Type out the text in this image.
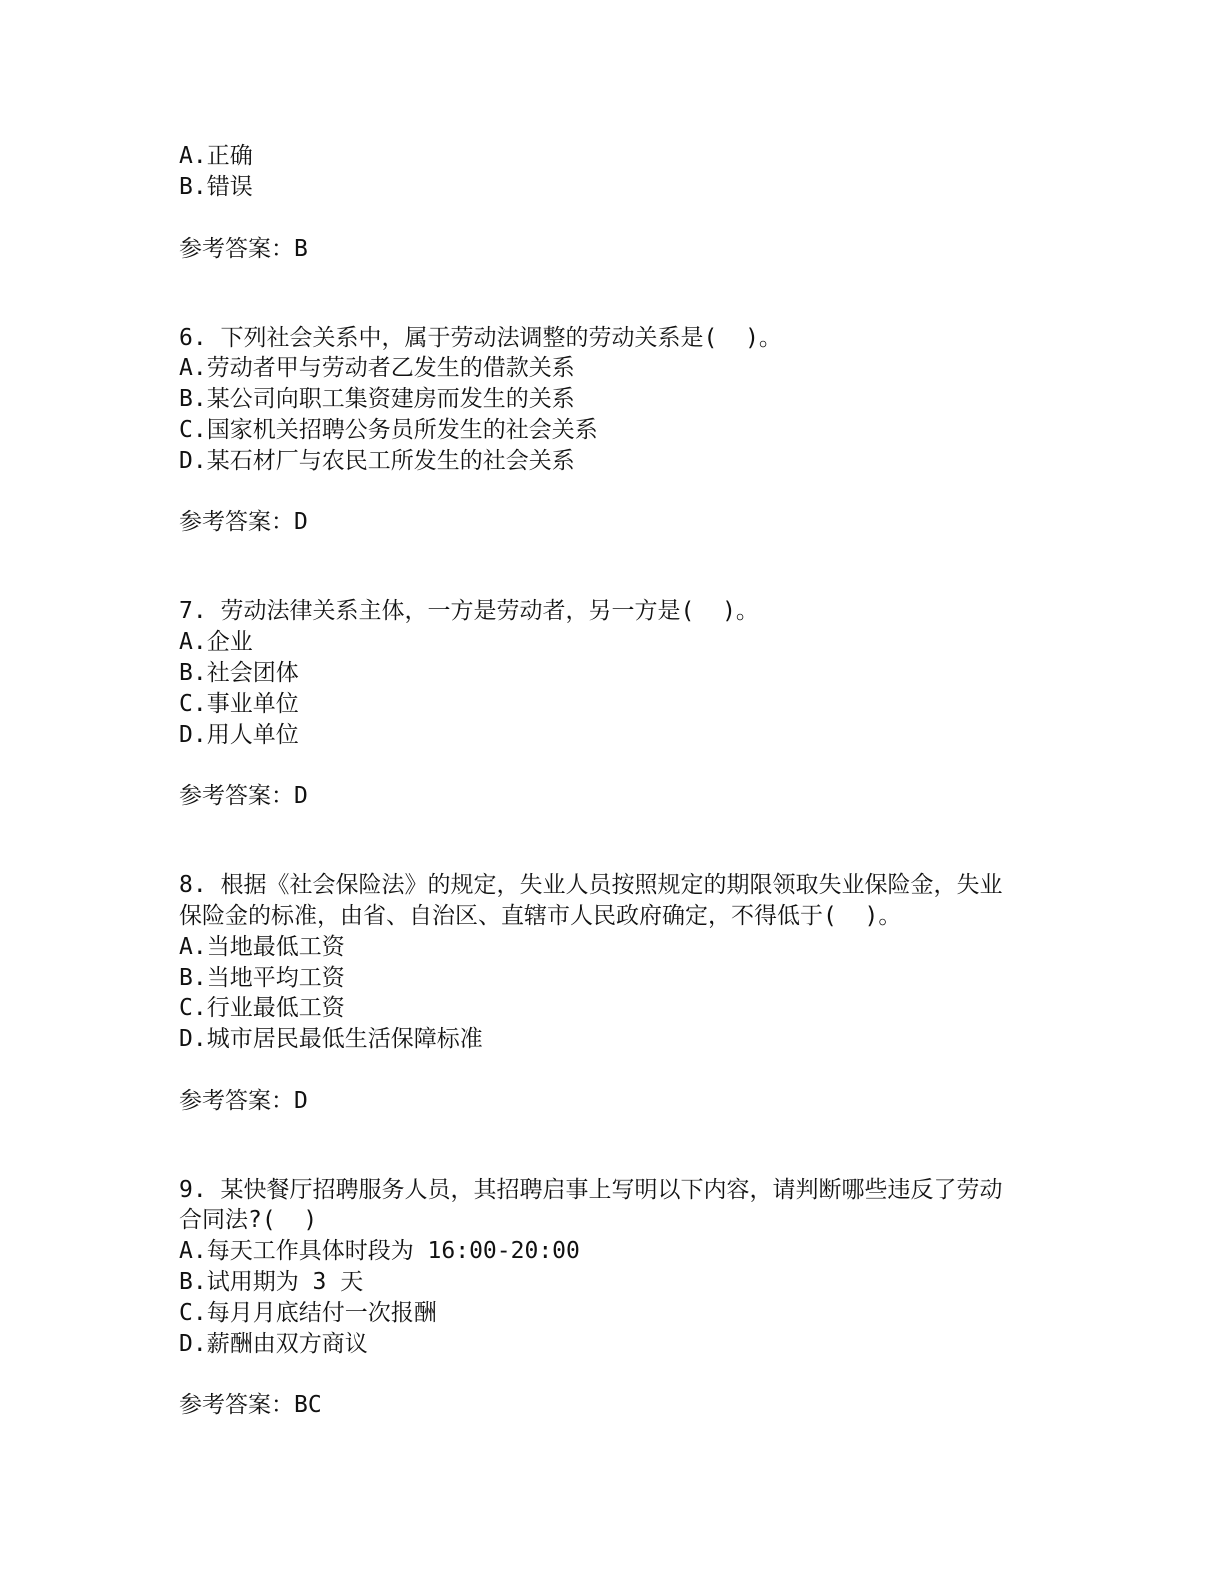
A.正确
B.错误
参考答案：B
6. 下列社会关系中，属于劳动法调整的劳动关系是(  )。
A.劳动者甲与劳动者乙发生的借款关系
B.某公司向职工集资建房而发生的关系
C.国家机关招聘公务员所发生的社会关系
D.某石材厂与农民工所发生的社会关系
参考答案：D
7. 劳动法律关系主体，一方是劳动者，另一方是(  )。
A.企业
B.社会团体
C.事业单位
D.用人单位
参考答案：D
8. 根据《社会保险法》的规定，失业人员按照规定的期限领取失业保险金，失业
保险金的标准，由省、自治区、直辖市人民政府确定，不得低于(  )。
A.当地最低工资
B.当地平均工资
C.行业最低工资
D.城市居民最低生活保障标准
参考答案：D
9. 某快餐厅招聘服务人员，其招聘启事上写明以下内容，请判断哪些违反了劳动
合同法?(  )
A.每天工作具体时段为 16:00-20:00
B.试用期为 3 天
C.每月月底结付一次报酬
D.薪酬由双方商议
参考答案：BC
